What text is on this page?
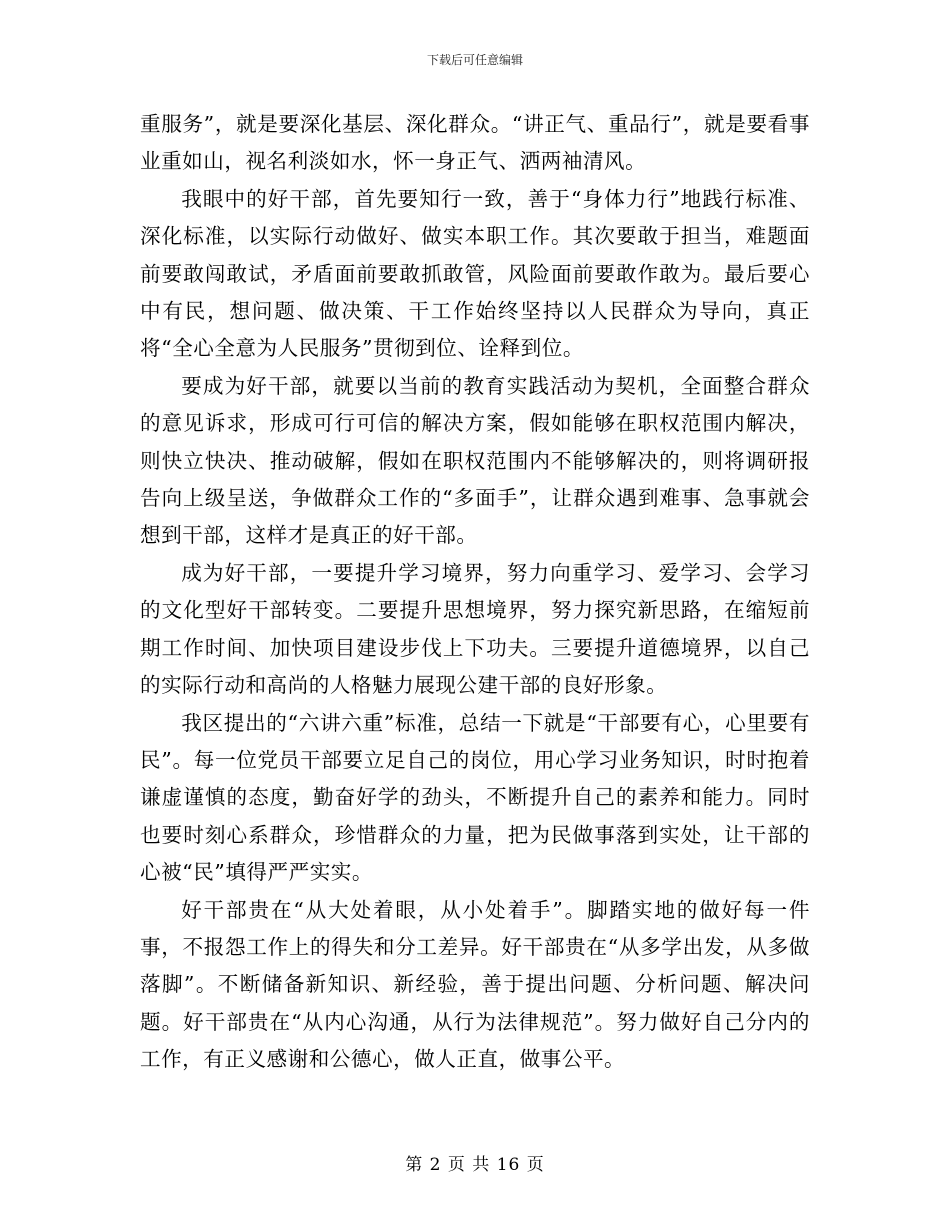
下载后可任意编辑

重服务”，就是要深化基层、深化群众。“讲正气、重品行”，就是要看事业重如山，视名利淡如水，怀一身正气、洒两袖清风。

我眼中的好干部，首先要知行一致，善于“身体力行”地践行标准、深化标准，以实际行动做好、做实本职工作。其次要敢于担当，难题面前要敢闯敢试，矛盾面前要敢抓敢管，风险面前要敢作敢为。最后要心中有民，想问题、做决策、干工作始终坚持以人民群众为导向，真正将“全心全意为人民服务”贯彻到位、诠释到位。

要成为好干部，就要以当前的教育实践活动为契机，全面整合群众的意见诉求，形成可行可信的解决方案，假如能够在职权范围内解决，则快立快决、推动破解，假如在职权范围内不能够解决的，则将调研报告向上级呈送，争做群众工作的“多面手”，让群众遇到难事、急事就会想到干部，这样才是真正的好干部。

成为好干部，一要提升学习境界，努力向重学习、爱学习、会学习的文化型好干部转变。二要提升思想境界，努力探究新思路，在缩短前期工作时间、加快项目建设步伐上下功夫。三要提升道德境界，以自己的实际行动和高尚的人格魅力展现公建干部的良好形象。

我区提出的“六讲六重”标准，总结一下就是“干部要有心，心里要有民”。每一位党员干部要立足自己的岗位，用心学习业务知识，时时抱着谦虚谨慎的态度，勤奋好学的劲头，不断提升自己的素养和能力。同时也要时刻心系群众，珍惜群众的力量，把为民做事落到实处，让干部的心被“民”填得严严实实。

好干部贵在“从大处着眼，从小处着手”。脚踏实地的做好每一件事，不报怨工作上的得失和分工差异。好干部贵在“从多学出发，从多做落脚”。不断储备新知识、新经验，善于提出问题、分析问题、解决问题。好干部贵在“从内心沟通，从行为法律规范”。努力做好自己分内的工作，有正义感谢和公德心，做人正直，做事公平。

第 2 页 共 16 页
